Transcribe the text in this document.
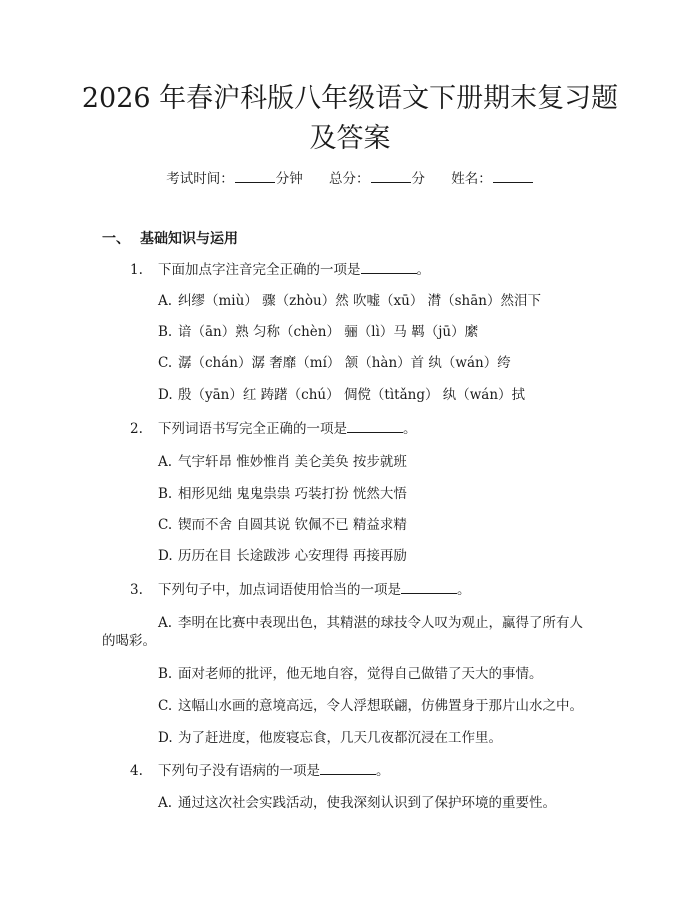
2026 年春沪科版八年级语文下册期末复习题
及答案
考试时间：	分钟 总分：	分 姓名：
一、 基础知识与运用
1. 下面加点字注音完全正确的一项是	。
A. 纠缪（miù） 骤（zhòu）然 吹嘘（xū） 潸（shān）然泪下
B. 谙（ān）熟 匀称（chèn） 骊（lì）马 羁（jū）縻
C. 潺（chán）潺 奢靡（mí） 颔（hàn）首 纨（wán）绔
D. 殷（yān）红 踌躇（chú） 倜傥（tìtǎng） 纨（wán）拭
2. 下列词语书写完全正确的一项是	。
A. 气宇轩昂 惟妙惟肖 美仑美奂 按步就班
B. 相形见绌 鬼鬼祟祟 巧装打扮 恍然大悟
C. 锲而不舍 自圆其说 钦佩不已 精益求精
D. 历历在目 长途跋涉 心安理得 再接再励
3. 下列句子中，加点词语使用恰当的一项是	。
A. 李明在比赛中表现出色，其精湛的球技令人叹为观止，赢得了所有人
的喝彩。
B. 面对老师的批评，他无地自容，觉得自己做错了天大的事情。
C. 这幅山水画的意境高远，令人浮想联翩，仿佛置身于那片山水之中。
D. 为了赶进度，他废寝忘食，几天几夜都沉浸在工作里。
4. 下列句子没有语病的一项是	。
A. 通过这次社会实践活动，使我深刻认识到了保护环境的重要性。
